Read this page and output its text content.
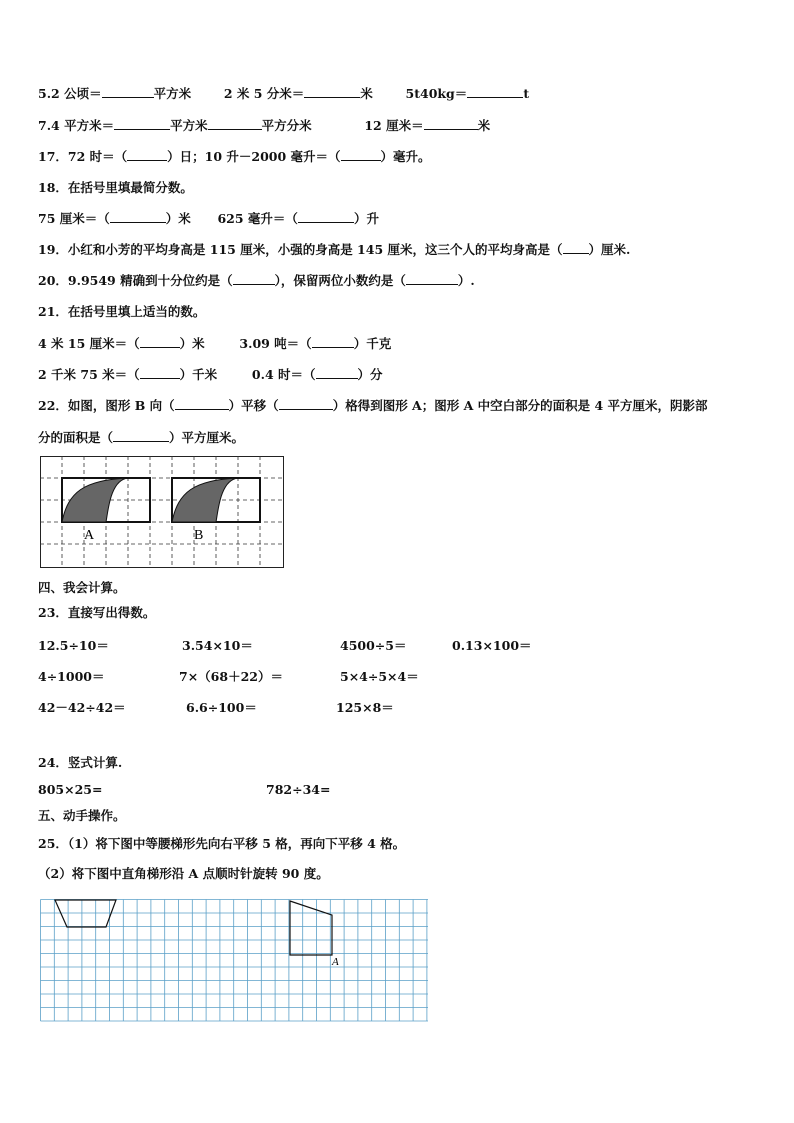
5.2 公顷＝	平方米	2 米 5 分米＝	米	5t40kg＝	t
7.4 平方米＝	平方米	平方分米	12 厘米＝	米
17．72 时＝（	）日；10 升－2000 毫升＝（	）毫升。
18．在括号里填最简分数。
75 厘米＝（	）米 625 毫升＝（	）升
19．小红和小芳的平均身高是 115 厘米，小强的身高是 145 厘米，这三个人的平均身高是（ ）厘米.
20．9.9549 精确到十分位约是（	），保留两位小数约是（	）.
21．在括号里填上适当的数。
4 米 15 厘米＝（	）米	3.09 吨＝（	）千克
2 千米 75 米＝（	）千米	0.4 时＝（	）分
22．如图，图形 B 向（	）平移（	）格得到图形 A；图形 A 中空白部分的面积是 4 平方厘米，阴影部
分的面积是（	）平方厘米。
A	B
四、我会计算。
23．直接写出得数。
12.5÷10＝	3.54×10＝	4500÷5＝	0.13×100＝
4÷1000＝	7×（68＋22）＝	5×4÷5×4＝
42－42÷42＝	6.6÷100＝	125×8＝
24．竖式计算.
805×25=	782÷34=
五、动手操作。
25．（1）将下图中等腰梯形先向右平移 5 格，再向下平移 4 格。
（2）将下图中直角梯形沿 A 点顺时针旋转 90 度。
A
